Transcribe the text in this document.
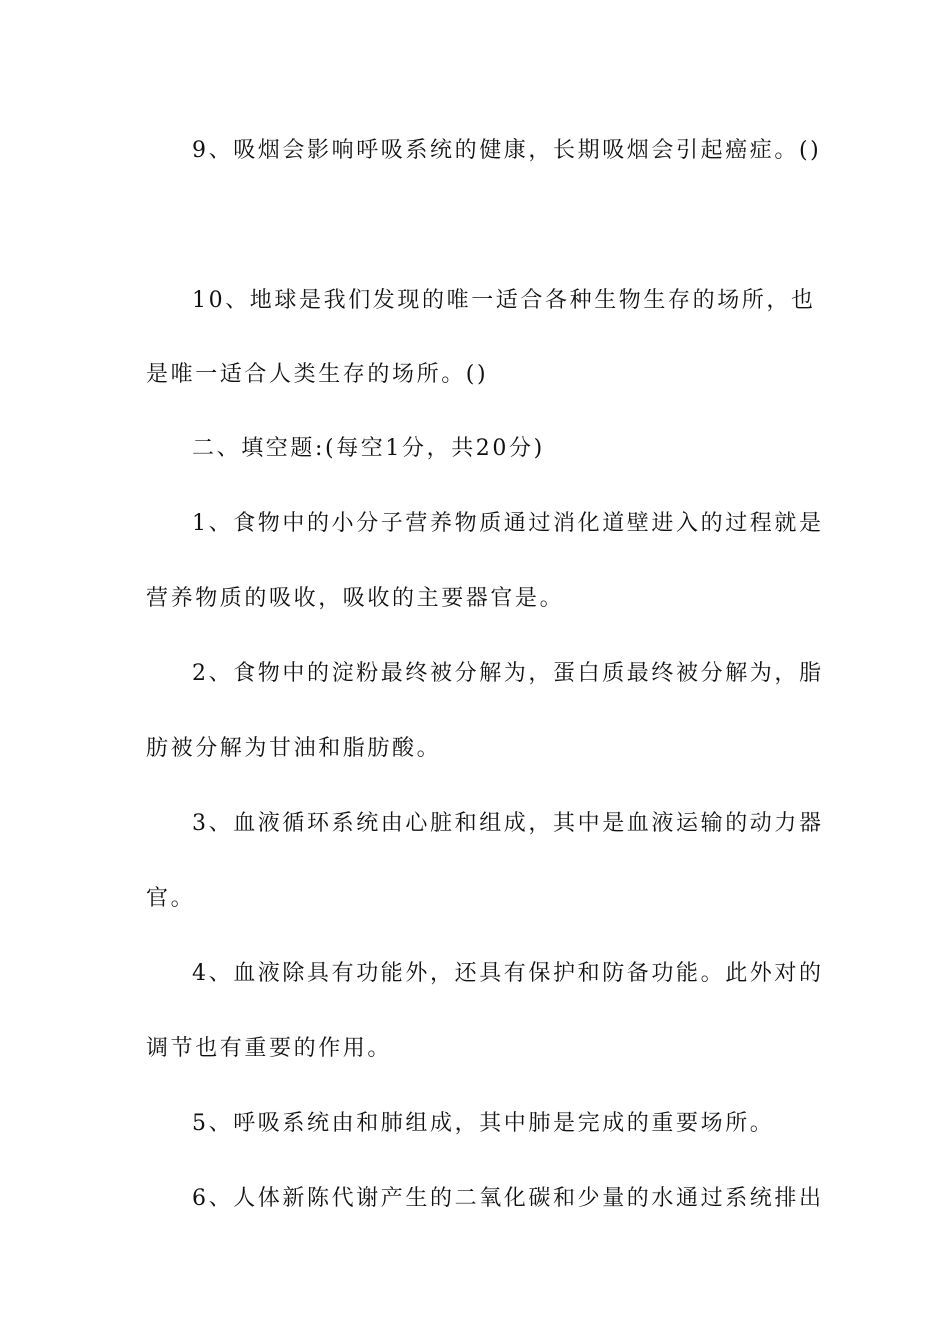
9、吸烟会影响呼吸系统的健康，长期吸烟会引起癌症。()
10、地球是我们发现的唯一适合各种生物生存的场所，也
是唯一适合人类生存的场所。()
二、填空题:(每空1分，共20分)
1、食物中的小分子营养物质通过消化道壁进入的过程就是
营养物质的吸收，吸收的主要器官是。
2、食物中的淀粉最终被分解为，蛋白质最终被分解为，脂
肪被分解为甘油和脂肪酸。
3、血液循环系统由心脏和组成，其中是血液运输的动力器
官。
4、血液除具有功能外，还具有保护和防备功能。此外对的
调节也有重要的作用。
5、呼吸系统由和肺组成，其中肺是完成的重要场所。
6、人体新陈代谢产生的二氧化碳和少量的水通过系统排出
